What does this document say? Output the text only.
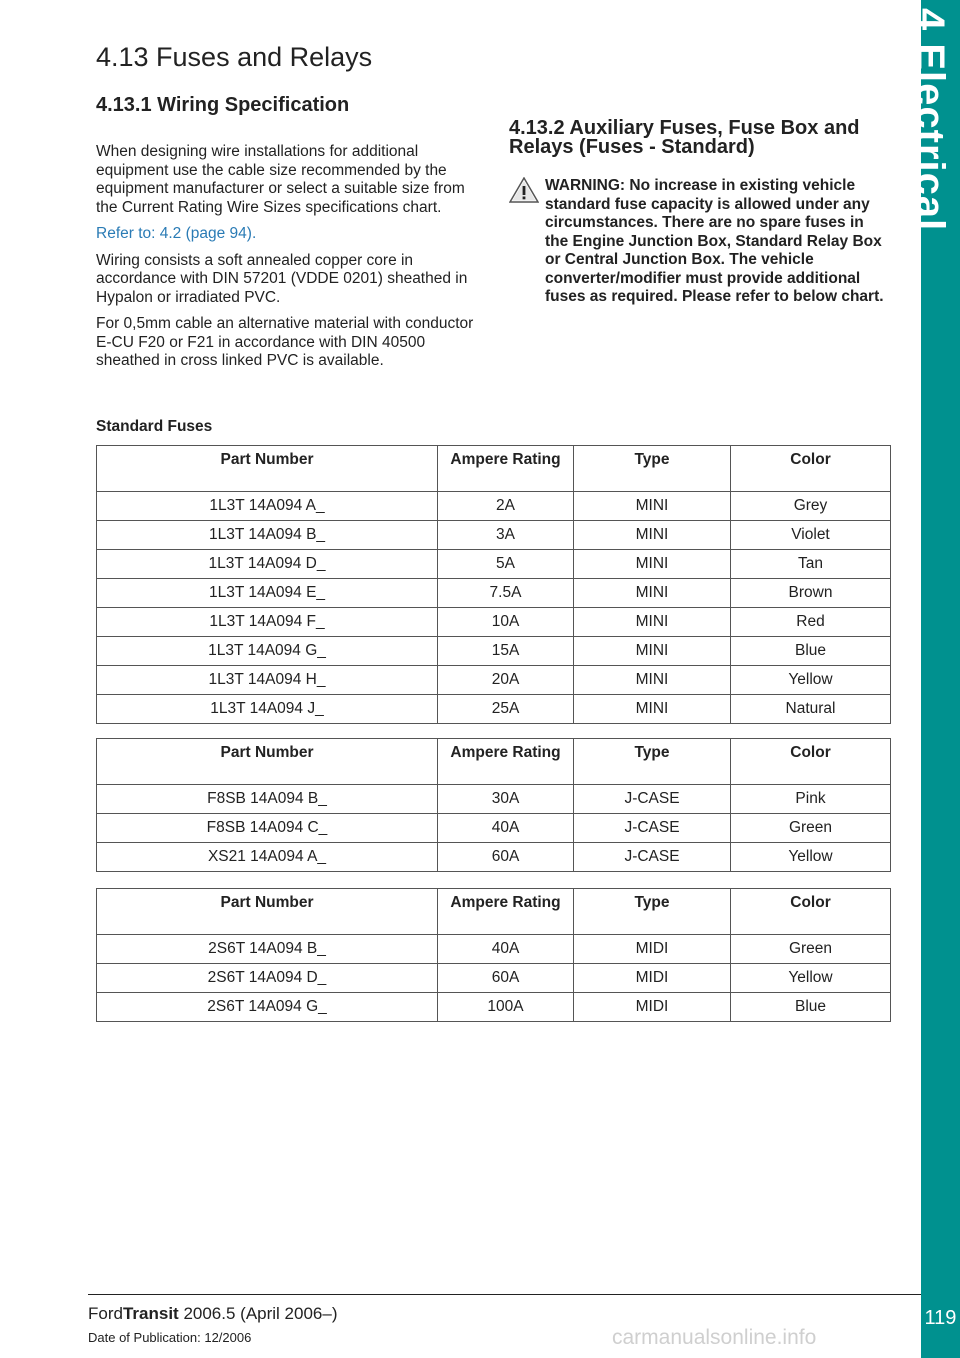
4 Electrical
119
4.13 Fuses and Relays
4.13.1 Wiring Specification

When designing wire installations for additional equipment use the cable size recommended by the equipment manufacturer or select a suitable size from the Current Rating Wire Sizes specifications chart.

Refer to: 4.2 (page 94).

Wiring consists a soft annealed copper core in accordance with DIN 57201 (VDDE 0201) sheathed in Hypalon or irradiated PVC.

For 0,5mm cable an alternative material with conductor E-CU F20 or F21 in accordance with DIN 40500 sheathed in cross linked PVC is available.

4.13.2 Auxiliary Fuses, Fuse Box and Relays (Fuses - Standard)

WARNING: No increase in existing vehicle standard fuse capacity is allowed under any circumstances. There are no spare fuses in the Engine Junction Box, Standard Relay Box or Central Junction Box. The vehicle converter/modifier must provide additional fuses as required. Please refer to below chart.

Standard Fuses

Part Number	Ampere Rating	Type	Color
1L3T 14A094 A_	2A	MINI	Grey
1L3T 14A094 B_	3A	MINI	Violet
1L3T 14A094 D_	5A	MINI	Tan
1L3T 14A094 E_	7.5A	MINI	Brown
1L3T 14A094 F_	10A	MINI	Red
1L3T 14A094 G_	15A	MINI	Blue
1L3T 14A094 H_	20A	MINI	Yellow
1L3T 14A094 J_	25A	MINI	Natural
Part Number	Ampere Rating	Type	Color
F8SB 14A094 B_	30A	J-CASE	Pink
F8SB 14A094 C_	40A	J-CASE	Green
XS21 14A094 A_	60A	J-CASE	Yellow
Part Number	Ampere Rating	Type	Color
2S6T 14A094 B_	40A	MIDI	Green
2S6T 14A094 D_	60A	MIDI	Yellow
2S6T 14A094 G_	100A	MIDI	Blue
FordTransit 2006.5 (April 2006–)
Date of Publication: 12/2006	carmanualsonline.info
